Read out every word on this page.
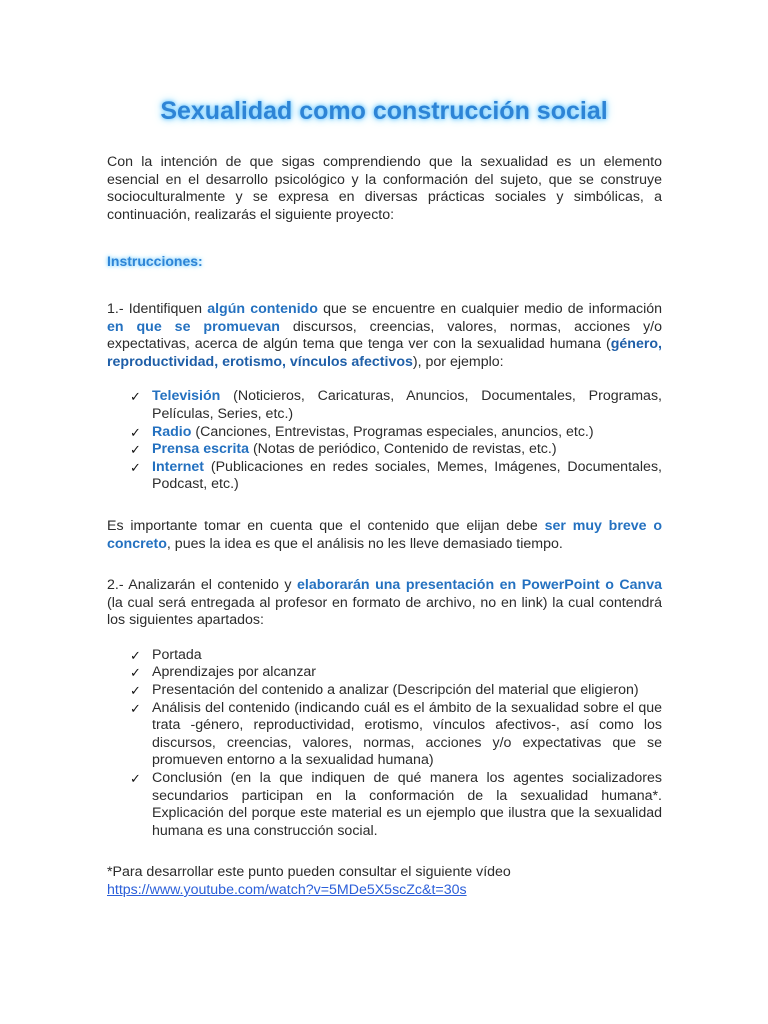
Sexualidad como construcción social

Con la intención de que sigas comprendiendo que la sexualidad es un elemento esencial en el desarrollo psicológico y la conformación del sujeto, que se construye socioculturalmente y se expresa en diversas prácticas sociales y simbólicas, a continuación, realizarás el siguiente proyecto:

Instrucciones:

1.- Identifiquen algún contenido que se encuentre en cualquier medio de información en que se promuevan discursos, creencias, valores, normas, acciones y/o expectativas, acerca de algún tema que tenga ver con la sexualidad humana (género, reproductividad, erotismo, vínculos afectivos), por ejemplo:

✓ Televisión (Noticieros, Caricaturas, Anuncios, Documentales, Programas, Películas, Series, etc.)
✓ Radio (Canciones, Entrevistas, Programas especiales, anuncios, etc.)
✓ Prensa escrita (Notas de periódico, Contenido de revistas, etc.)
✓ Internet (Publicaciones en redes sociales, Memes, Imágenes, Documentales, Podcast, etc.)

Es importante tomar en cuenta que el contenido que elijan debe ser muy breve o concreto, pues la idea es que el análisis no les lleve demasiado tiempo.

2.- Analizarán el contenido y elaborarán una presentación en PowerPoint o Canva (la cual será entregada al profesor en formato de archivo, no en link) la cual contendrá los siguientes apartados:

✓ Portada
✓ Aprendizajes por alcanzar
✓ Presentación del contenido a analizar (Descripción del material que eligieron)
✓ Análisis del contenido (indicando cuál es el ámbito de la sexualidad sobre el que trata -género, reproductividad, erotismo, vínculos afectivos-, así como los discursos, creencias, valores, normas, acciones y/o expectativas que se promueven entorno a la sexualidad humana)
✓ Conclusión (en la que indiquen de qué manera los agentes socializadores secundarios participan en la conformación de la sexualidad humana*. Explicación del porque este material es un ejemplo que ilustra que la sexualidad humana es una construcción social.

*Para desarrollar este punto pueden consultar el siguiente vídeo
https://www.youtube.com/watch?v=5MDe5X5scZc&t=30s
